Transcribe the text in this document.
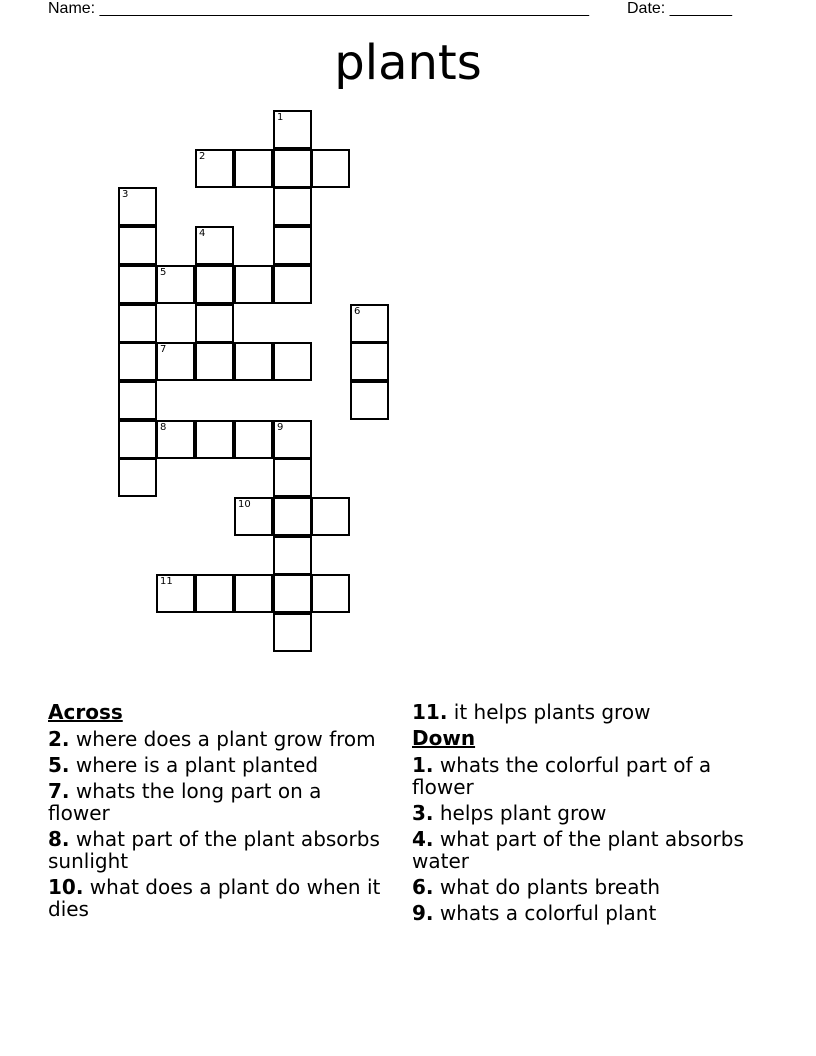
Name: _______________________________________________________ Date: _______
plants
1
2
3
4
5
6
7
8	9
10
11
Across
2. where does a plant grow from
5. where is a plant planted
7. whats the long part on a flower
8. what part of the plant absorbs sunlight
10. what does a plant do when it dies
11. it helps plants grow
Down
1. whats the colorful part of a flower
3. helps plant grow
4. what part of the plant absorbs water
6. what do plants breath
9. whats a colorful plant
